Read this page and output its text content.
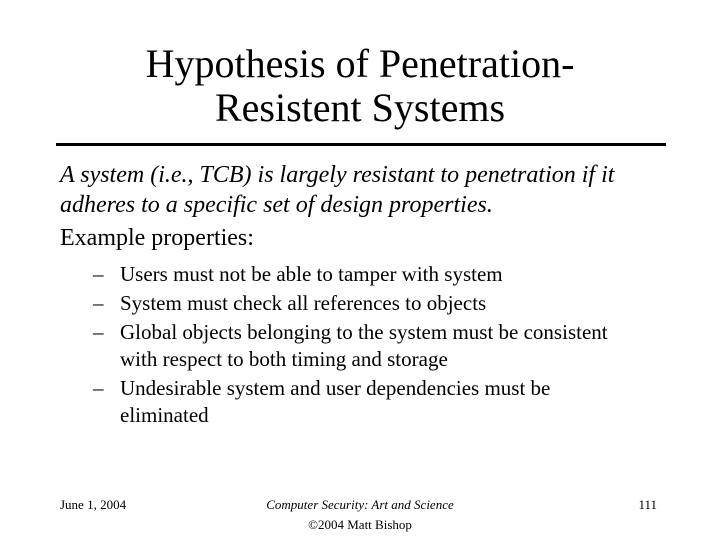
Hypothesis of Penetration-
Resistent Systems

A system (i.e., TCB) is largely resistant to penetration if it adheres to a specific set of design properties.

Example properties:

– Users must not be able to tamper with system
– System must check all references to objects
– Global objects belonging to the system must be consistent with respect to both timing and storage
– Undesirable system and user dependencies must be eliminated
June 1, 2004	Computer Security: Art and Science
©2004 Matt Bishop
111
